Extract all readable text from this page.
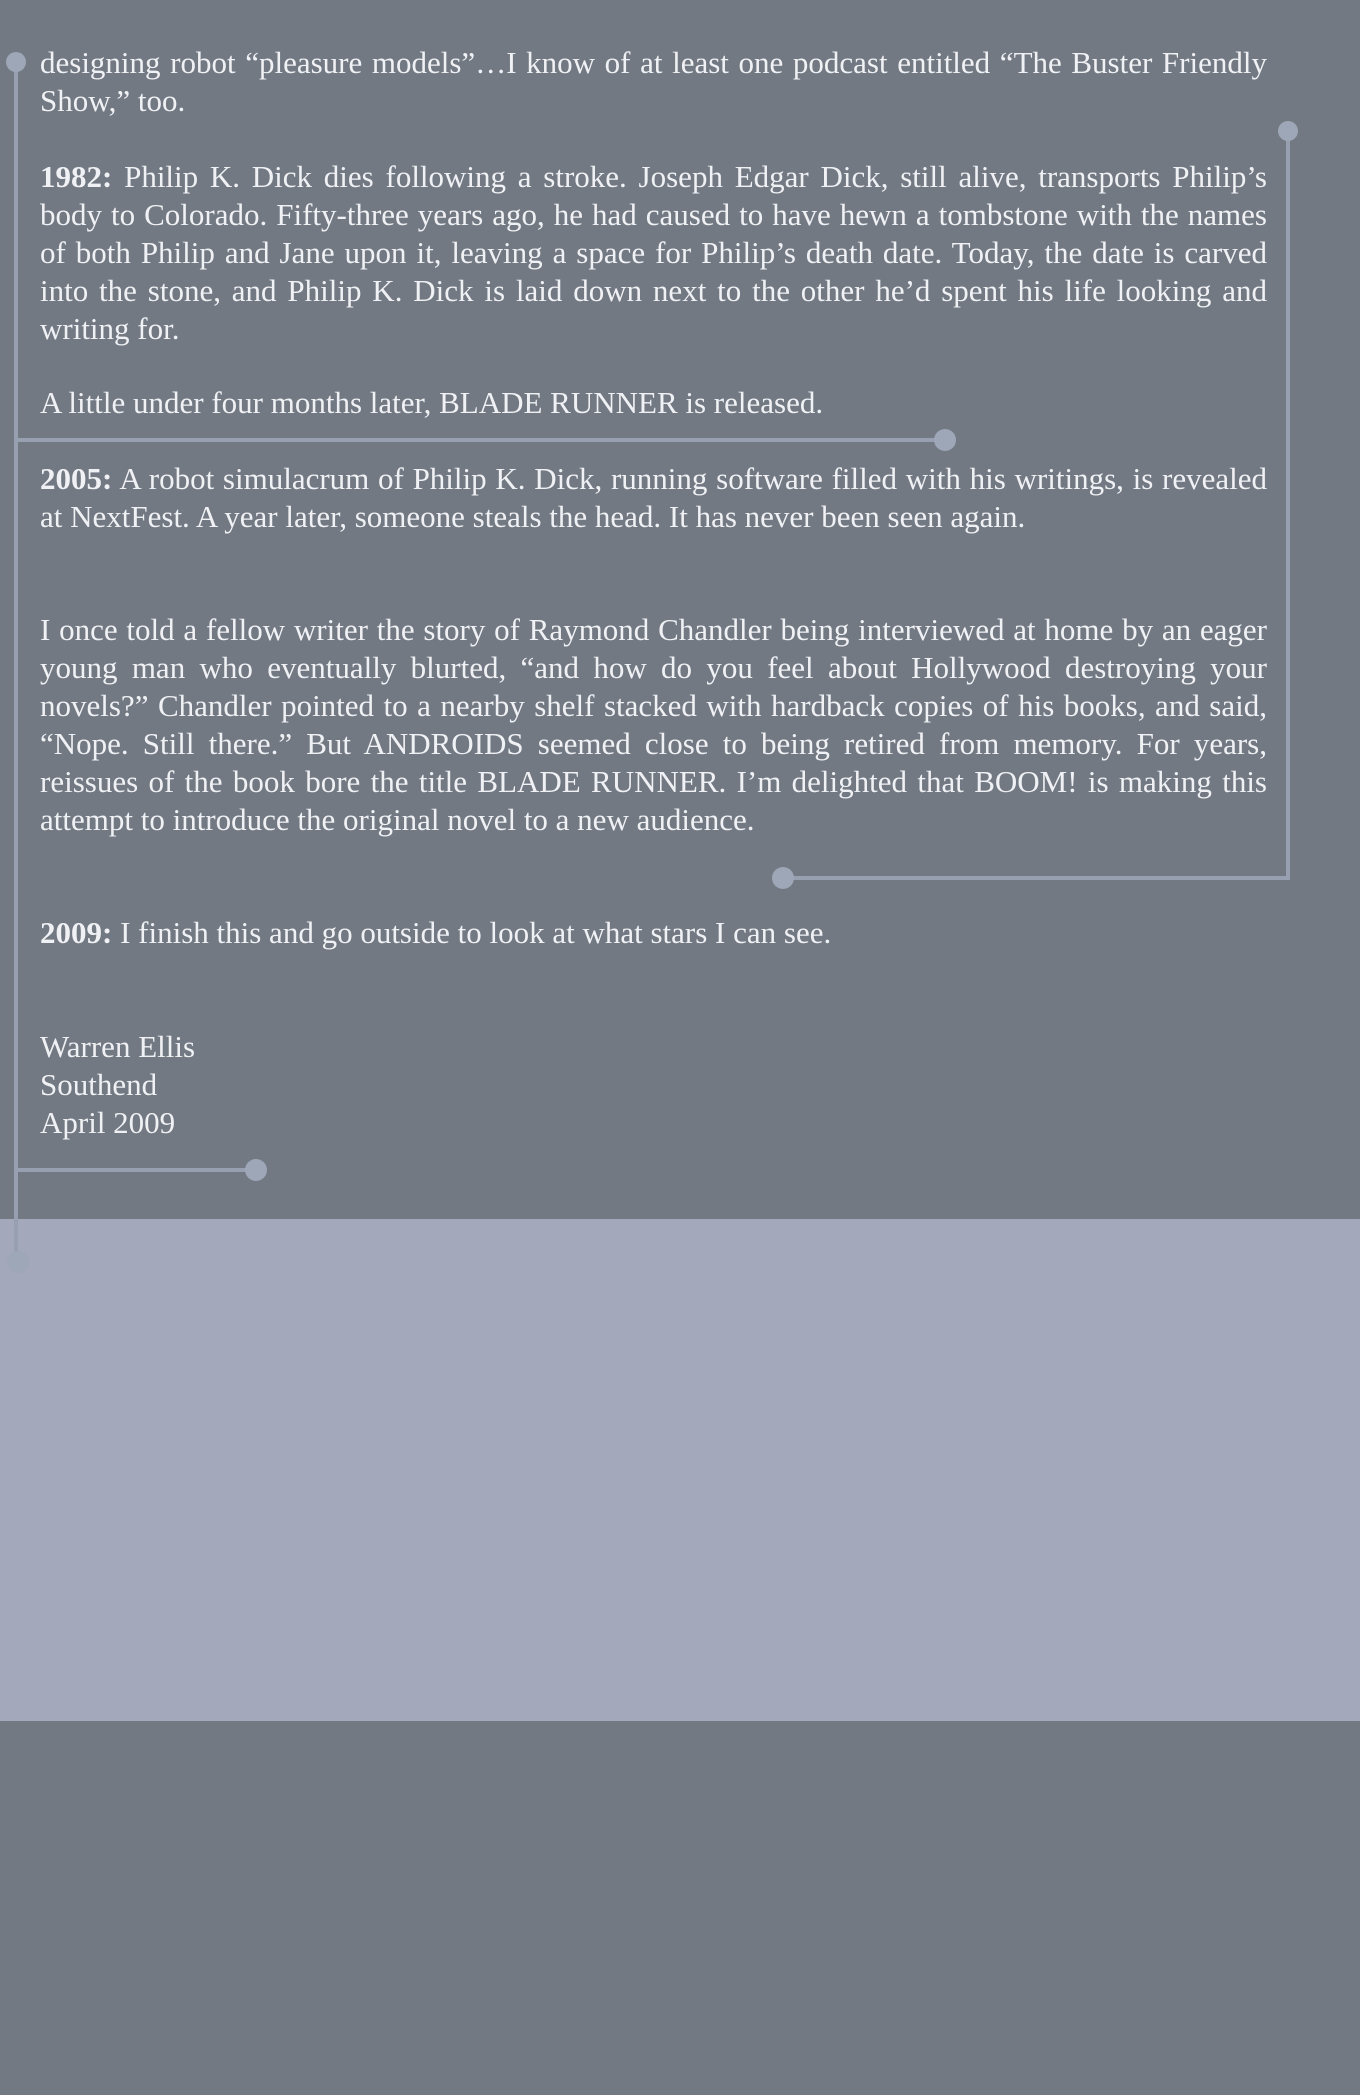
designing robot “pleasure models”…I know of at least one podcast entitled “The Buster Friendly Show,” too.

1982: Philip K. Dick dies following a stroke. Joseph Edgar Dick, still alive, transports Philip’s body to Colorado. Fifty-three years ago, he had caused to have hewn a tombstone with the names of both Philip and Jane upon it, leaving a space for Philip’s death date. Today, the date is carved into the stone, and Philip K. Dick is laid down next to the other he’d spent his life looking and writing for.

A little under four months later, BLADE RUNNER is released.

2005: A robot simulacrum of Philip K. Dick, running software filled with his writings, is revealed at NextFest. A year later, someone steals the head. It has never been seen again.

I once told a fellow writer the story of Raymond Chandler being interviewed at home by an eager young man who eventually blurted, “and how do you feel about Hollywood destroying your novels?” Chandler pointed to a nearby shelf stacked with hardback copies of his books, and said, “Nope. Still there.” But ANDROIDS seemed close to being retired from memory. For years, reissues of the book bore the title BLADE RUNNER. I’m delighted that BOOM! is making this attempt to introduce the original novel to a new audience.

2009: I finish this and go outside to look at what stars I can see.

Warren Ellis

Southend

April 2009
